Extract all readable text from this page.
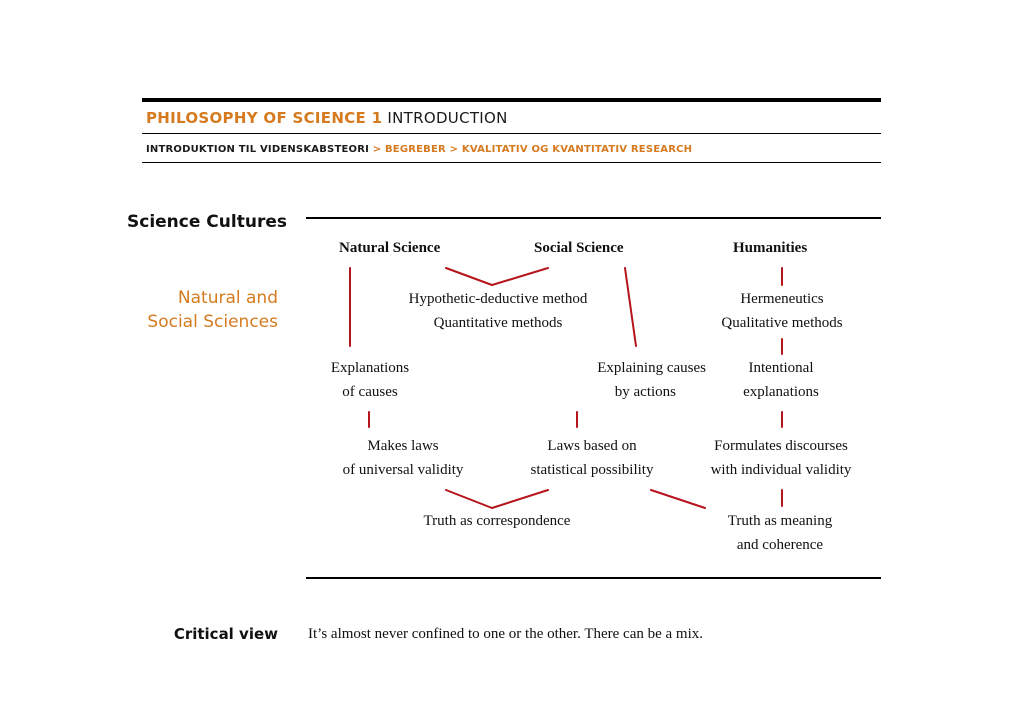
PHILOSOPHY OF SCIENCE 1 INTRODUCTION
INTRODUKTION TIL VIDENSKABSTEORI > BEGREBER > KVALITATIV OG KVANTITATIV RESEARCH
Science Cultures
Natural and Social Sciences
Critical view
Natural Science	Social Science	Humanities
Hypothetic-deductive method
Quantitative methods
Hermeneutics
Qualitative methods
Explanations
of causes
Explaining causes
by actions
Intentional
explanations
Makes laws
of universal validity
Laws based on
statistical possibility
Formulates discourses
with individual validity
Truth as correspondence	Truth as meaning
and coherence
It’s almost never confined to one or the other. There can be a mix.
